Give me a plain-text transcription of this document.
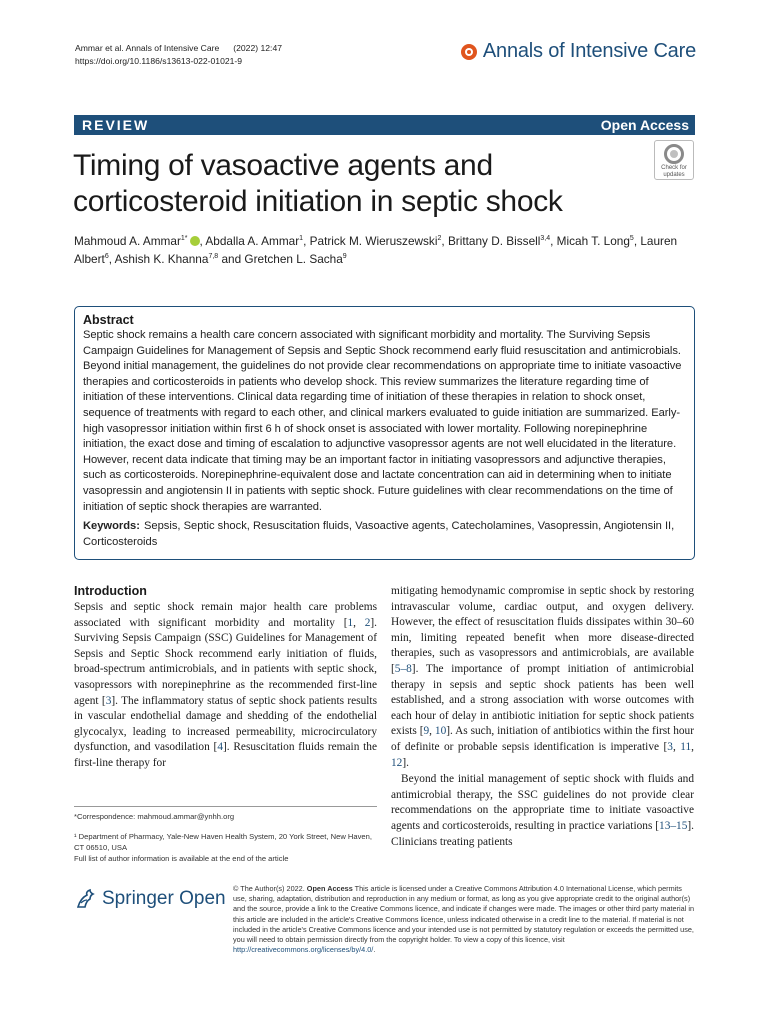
Ammar et al. Annals of Intensive Care (2022) 12:47
https://doi.org/10.1186/s13613-022-01021-9	Annals of Intensive Care
REVIEW	Open Access
Timing of vasoactive agents and corticosteroid initiation in septic shock
Check for updates
Mahmoud A. Ammar$^{1*}$ , Abdalla A. Ammar$^1$, Patrick M. Wieruszewski$^2$, Brittany D. Bissell$^{3,4}$, Micah T. Long$^5$, Lauren Albert$^6$, Ashish K. Khanna$^{7,8}$ and Gretchen L. Sacha$^9$
Abstract
Septic shock remains a health care concern associated with significant morbidity and mortality. The Surviving Sepsis Campaign Guidelines for Management of Sepsis and Septic Shock recommend early fluid resuscitation and antimicrobials. Beyond initial management, the guidelines do not provide clear recommendations on appropriate time to initiate vasoactive therapies and corticosteroids in patients who develop shock. This review summarizes the literature regarding time of initiation of these interventions. Clinical data regarding time of initiation of these therapies in relation to shock onset, sequence of treatments with regard to each other, and clinical markers evaluated to guide initiation are summarized. Early-high vasopressor initiation within first 6 h of shock onset is associated with lower mortality. Following norepinephrine initiation, the exact dose and timing of escalation to adjunctive vasopressor agents are not well elucidated in the literature. However, recent data indicate that timing may be an important factor in initiating vasopressors and adjunctive therapies, such as corticosteroids. Norepinephrine-equivalent dose and lactate concentration can aid in determining when to initiate vasopressin and angiotensin II in patients with septic shock. Future guidelines with clear recommendations on the time of initiation of septic shock therapies are warranted.
Keywords: Sepsis, Septic shock, Resuscitation fluids, Vasoactive agents, Catecholamines, Vasopressin, Angiotensin II, Corticosteroids
Introduction

Sepsis and septic shock remain major health care problems associated with significant morbidity and mortality [1, 2]. Surviving Sepsis Campaign (SSC) Guidelines for Management of Sepsis and Septic Shock recommend early initiation of fluids, broad-spectrum antimicrobials, and in patients with septic shock, vasopressors with norepinephrine as the recommended first-line agent [3]. The inflammatory status of septic shock patients results in vascular endothelial damage and shedding of the endothelial glycocalyx, leading to increased permeability, microcirculatory dysfunction, and vasodilation [4]. Resuscitation fluids remain the first-line therapy for

mitigating hemodynamic compromise in septic shock by restoring intravascular volume, cardiac output, and oxygen delivery. However, the effect of resuscitation fluids dissipates within 30–60 min, limiting repeated benefit when more disease-directed therapies, such as vasopressors and antimicrobials, are available [5–8]. The importance of prompt initiation of antimicrobial therapy in sepsis and septic shock patients has been well established, and a strong association with worse outcomes with each hour of delay in antibiotic initiation for septic shock patients exists [9, 10]. As such, initiation of antibiotics within the first hour of definite or probable sepsis identification is imperative [3, 11, 12].

Beyond the initial management of septic shock with fluids and antimicrobial therapy, the SSC guidelines do not provide clear recommendations on the appropriate time to initiate vasoactive agents and corticosteroids, resulting in practice variations [13–15]. Clinicians treating patients

*Correspondence: mahmoud.ammar@ynhh.org
¹ Department of Pharmacy, Yale-New Haven Health System, 20 York Street, New Haven, CT 06510, USA
Full list of author information is available at the end of the article
Springer Open © The Author(s) 2022. Open Access This article is licensed under a Creative Commons Attribution 4.0 International License, which permits use, sharing, adaptation, distribution and reproduction in any medium or format, as long as you give appropriate credit to the original author(s) and the source, provide a link to the Creative Commons licence, and indicate if changes were made. The images or other third party material in this article are included in the article's Creative Commons licence, unless indicated otherwise in a credit line to the material. If material is not included in the article's Creative Commons licence and your intended use is not permitted by statutory regulation or exceeds the permitted use, you will need to obtain permission directly from the copyright holder. To view a copy of this licence, visit http://creativecommons.org/licenses/by/4.0/.
